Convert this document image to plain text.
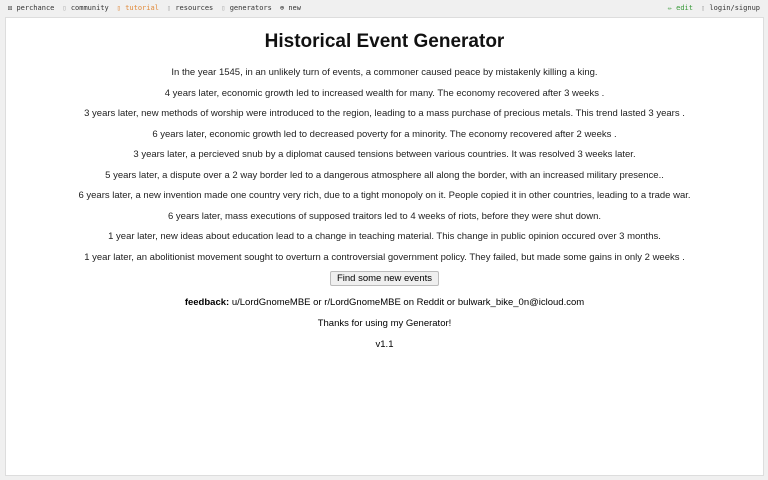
⚄ perchance ▯ community ▯ tutorial ▯ resources ▯ generators ⊕ new	✏ edit ▯ login/signup
Historical Event Generator

In the year 1545, in an unlikely turn of events, a commoner caused peace by mistakenly killing a king.

4 years later, economic growth led to increased wealth for many. The economy recovered after 3 weeks .

3 years later, new methods of worship were introduced to the region, leading to a mass purchase of precious metals. This trend lasted 3 years .

6 years later, economic growth led to decreased poverty for a minority. The economy recovered after 2 weeks .

3 years later, a percieved snub by a diplomat caused tensions between various countries. It was resolved 3 weeks later.

5 years later, a dispute over a 2 way border led to a dangerous atmosphere all along the border, with an increased military presence..

6 years later, a new invention made one country very rich, due to a tight monopoly on it. People copied it in other countries, leading to a trade war.

6 years later, mass executions of supposed traitors led to 4 weeks of riots, before they were shut down.

1 year later, new ideas about education lead to a change in teaching material. This change in public opinion occured over 3 months.

1 year later, an abolitionist movement sought to overturn a controversial government policy. They failed, but made some gains in only 2 weeks .

Find some new events
feedback: u/LordGnomeMBE or r/LordGnomeMBE on Reddit or bulwark_bike_0n@icloud.com
Thanks for using my Generator!
v1.1
